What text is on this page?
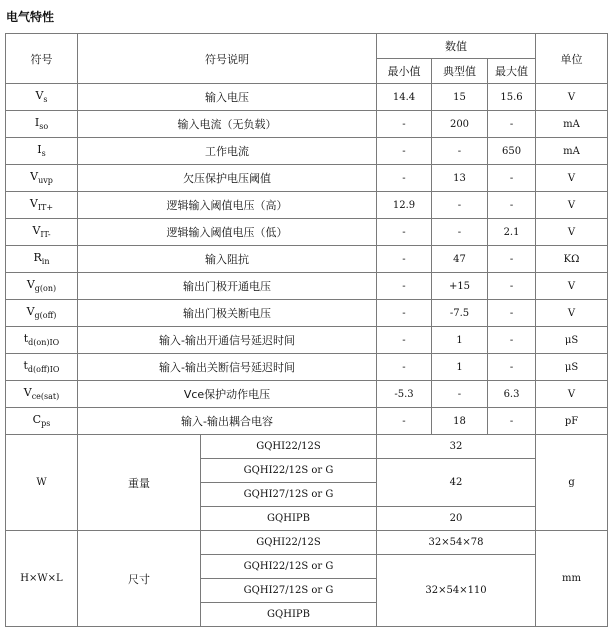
电气特性
符号	符号说明		数值			单位
			最小值	典型值	最大值	
$V_s$	输入电压		14.4	15	15.6	V
$I_{so}$	输入电流（无负载）		-	200	-	mA
$I_s$	工作电流		-	-	650	mA
$V_{uvp}$	欠压保护电压阈值		-	13	-	V
$V_{IT+}$	逻辑输入阈值电压（高）		12.9	-	-	V
$V_{IT-}$	逻辑输入阈值电压（低）		-	-	2.1	V
$R_{in}$	输入阻抗		-	47	-	KΩ
$V_{g(on)}$	输出门极开通电压		-	+15	-	V
$V_{g(off)}$	输出门极关断电压		-	-7.5	-	V
$t_{d(on)IO}$	输入-输出开通信号延迟时间		-	1	-	μS
$t_{d(off)IO}$	输入-输出关断信号延迟时间		-	1	-	μS
$V_{ce(sat)}$	Vce保护动作电压		-5.3	-	6.3	V
$C_{ps}$	输入-输出耦合电容		-	18	-	pF
W	重量	GQHI22/12S	32			g
		GQHI22/12S or G	42			
		GQHI27/12S or G				
		GQHIPB	20			
H×W×L	尺寸	GQHI22/12S	32×54×78			mm
		GQHI22/12S or G	32×54×110			
		GQHI27/12S or G				
		GQHIPB				
